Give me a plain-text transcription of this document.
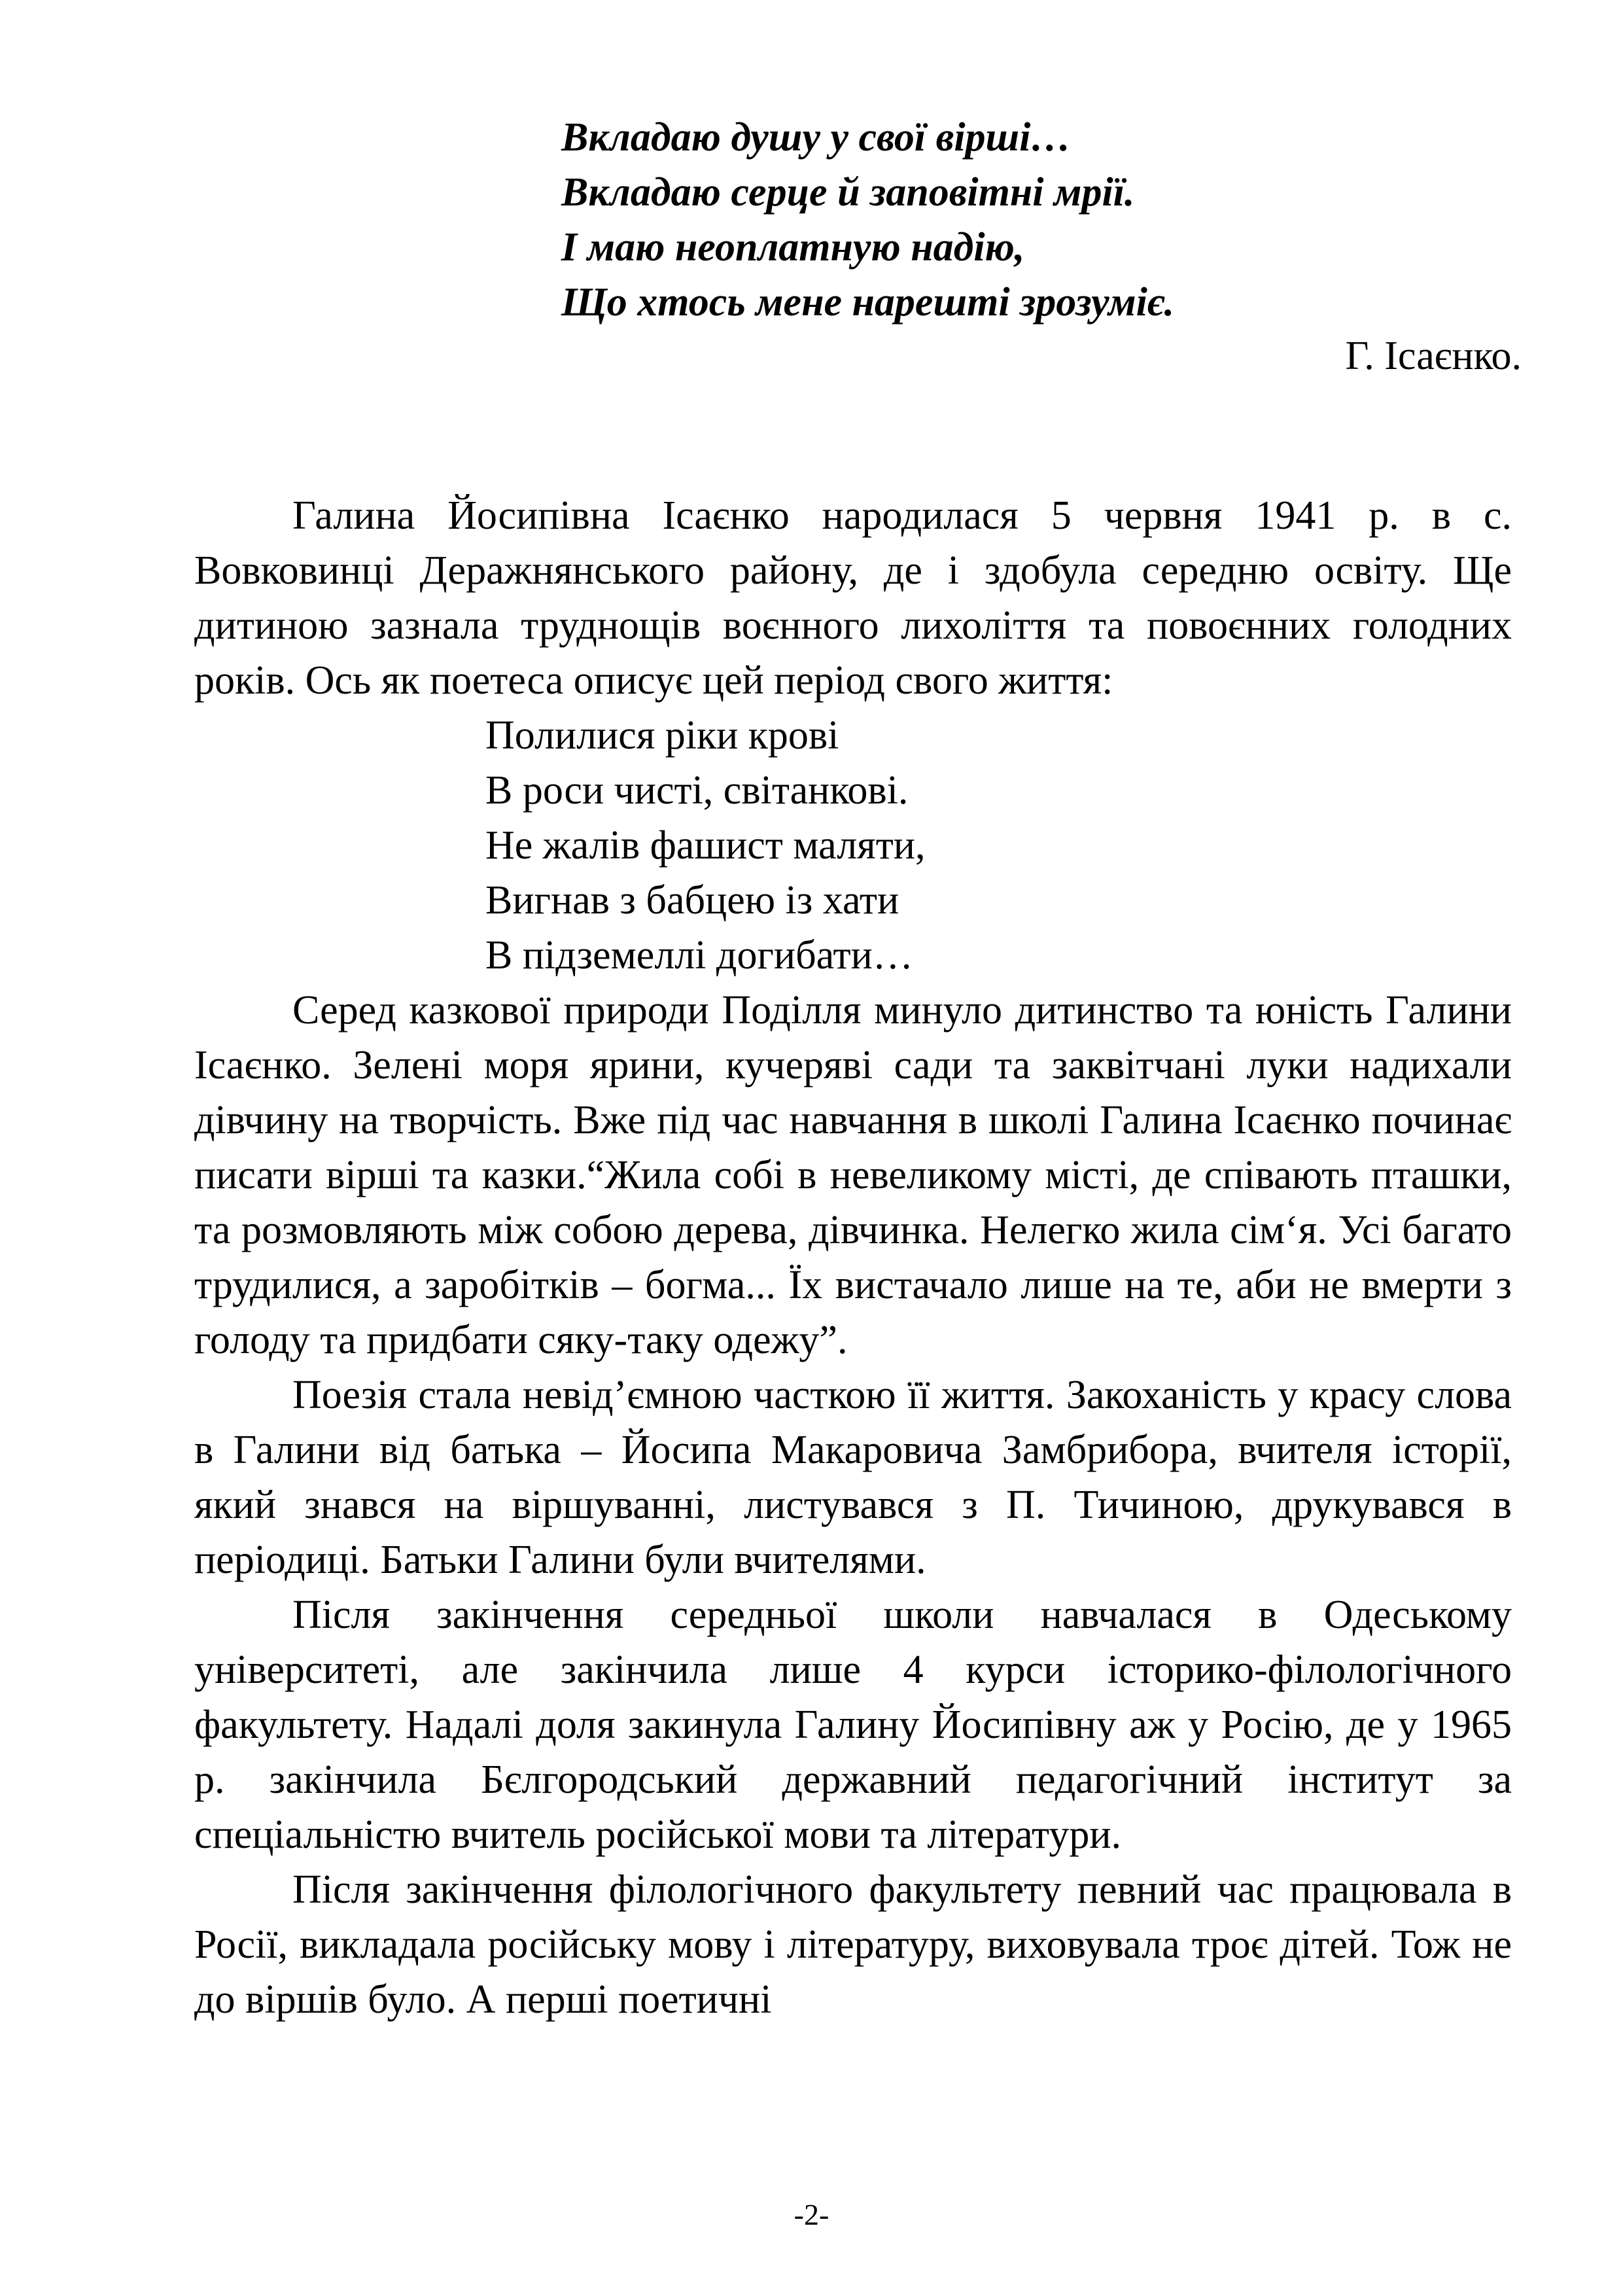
Вкладаю душу у свої вірші…
Вкладаю серце й заповітні мрії.
І маю неоплатную надію,
Що хтось мене нарешті зрозуміє.
Г. Ісаєнко.

Галина Йосипівна Ісаєнко народилася 5 червня 1941 р. в с. Вовковинці Деражнянського району, де і здобула середню освіту. Ще дитиною зазнала труднощів воєнного лихоліття та повоєнних голодних років. Ось як поетеса описує цей період свого життя:

Полилися ріки крові
В роси чисті, світанкові.
Не жалів фашист маляти,
Вигнав з бабцею із хати
В підземеллі догибати…

Серед казкової природи Поділля минуло дитинство та юність Галини Ісаєнко. Зелені моря ярини, кучеряві сади та заквітчані луки надихали дівчину на творчість. Вже під час навчання в школі Галина Ісаєнко починає писати вірші та казки.“Жила собі в невеликому місті, де співають пташки, та розмовляють між собою дерева, дівчинка. Нелегко жила сім‘я. Усі багато трудилися, а заробітків – богма... Їх вистачало лише на те, аби не вмерти з голоду та придбати сяку-таку одежу”.

Поезія стала невід’ємною часткою її життя. Закоханість у красу слова в Галини від батька – Йосипа Макаровича Замбрибора, вчителя історії, який знався на віршуванні, листувався з П. Тичиною, друкувався в періодиці. Батьки Галини були вчителями.

Після закінчення середньої школи навчалася в Одеському університеті, але закінчила лише 4 курси історико-філологічного факультету. Надалі доля закинула Галину Йосипівну аж у Росію, де у 1965 р. закінчила Бєлгородський державний педагогічний інститут за спеціальністю вчитель російської мови та літератури.

Після закінчення філологічного факультету певний час працювала в Росії, викладала російську мову і літературу, виховувала троє дітей. Тож не до віршів було. А перші поетичні

-2-
